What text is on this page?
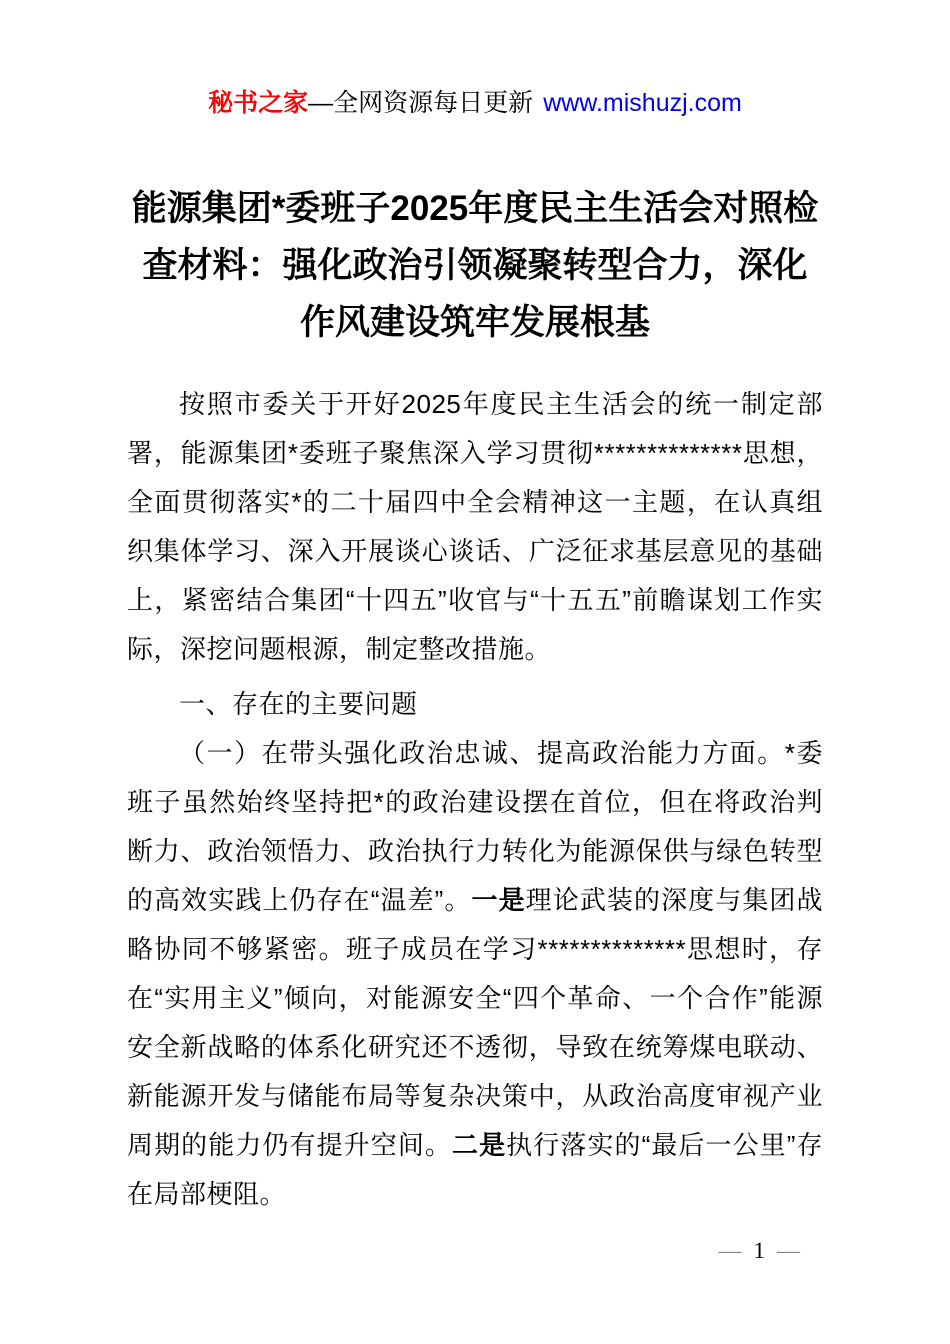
秘书之家—全网资源每日更新 www.mishuzj.com
能源集团*委班子2025年度民主生活会对照检
查材料：强化政治引领凝聚转型合力，深化
作风建设筑牢发展根基

按照市委关于开好2025年度民主生活会的统一制定部署，能源集团*委班子聚焦深入学习贯彻**************思想，全面贯彻落实*的二十届四中全会精神这一主题，在认真组织集体学习、深入开展谈心谈话、广泛征求基层意见的基础上，紧密结合集团“十四五”收官与“十五五”前瞻谋划工作实际，深挖问题根源，制定整改措施。

一、存在的主要问题

（一）在带头强化政治忠诚、提高政治能力方面。*委班子虽然始终坚持把*的政治建设摆在首位，但在将政治判断力、政治领悟力、政治执行力转化为能源保供与绿色转型的高效实践上仍存在“温差”。一是理论武装的深度与集团战略协同不够紧密。班子成员在学习**************思想时，存在“实用主义”倾向，对能源安全“四个革命、一个合作”能源安全新战略的体系化研究还不透彻，导致在统筹煤电联动、新能源开发与储能布局等复杂决策中，从政治高度审视产业周期的能力仍有提升空间。二是执行落实的“最后一公里”存在局部梗阻。

— 1 —
